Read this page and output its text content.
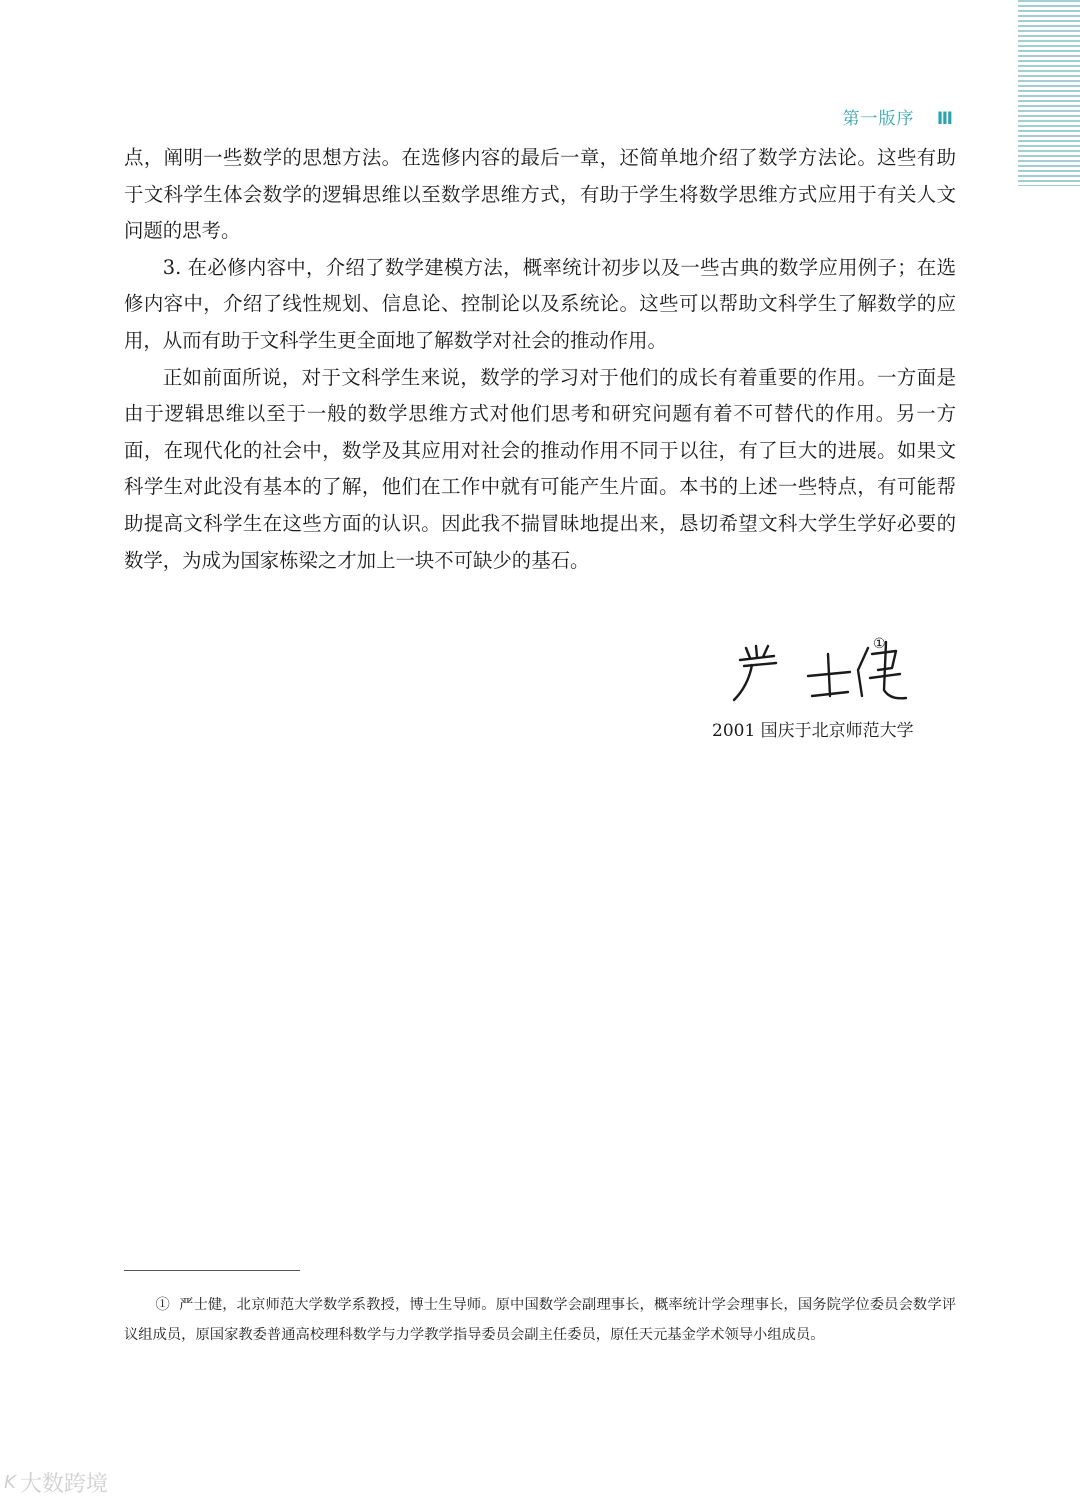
第一版序 Ⅲ

点，阐明一些数学的思想方法。在选修内容的最后一章，还简单地介绍了数学方法论。这些有助于文科学生体会数学的逻辑思维以至数学思维方式，有助于学生将数学思维方式应用于有关人文问题的思考。

3. 在必修内容中，介绍了数学建模方法，概率统计初步以及一些古典的数学应用例子；在选修内容中，介绍了线性规划、信息论、控制论以及系统论。这些可以帮助文科学生了解数学的应用，从而有助于文科学生更全面地了解数学对社会的推动作用。

正如前面所说，对于文科学生来说，数学的学习对于他们的成长有着重要的作用。一方面是由于逻辑思维以至于一般的数学思维方式对他们思考和研究问题有着不可替代的作用。另一方面，在现代化的社会中，数学及其应用对社会的推动作用不同于以往，有了巨大的进展。如果文科学生对此没有基本的了解，他们在工作中就有可能产生片面。本书的上述一些特点，有可能帮助提高文科学生在这些方面的认识。因此我不揣冒昧地提出来，恳切希望文科大学生学好必要的数学，为成为国家栋梁之才加上一块不可缺少的基石。

①
2001 国庆于北京师范大学

① 严士健，北京师范大学数学系教授，博士生导师。原中国数学会副理事长，概率统计学会理事长，国务院学位委员会数学评议组成员，原国家教委普通高校理科数学与力学教学指导委员会副主任委员，原任天元基金学术领导小组成员。

K 大数跨境
